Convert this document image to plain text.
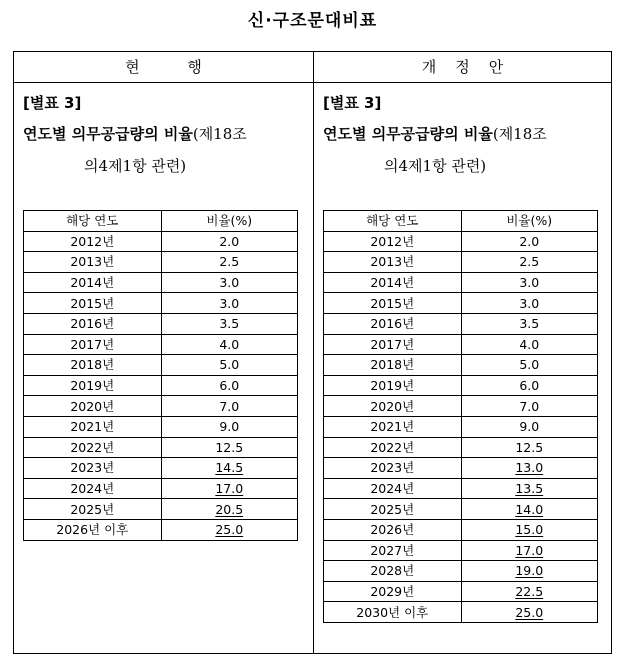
신·구조문대비표
현          행
[별표 3]
연도별 의무공급량의 비율(제18조
의4제1항 관련)
해당 연도	비율(%)
2012년	2.0
2013년	2.5
2014년	3.0
2015년	3.0
2016년	3.5
2017년	4.0
2018년	5.0
2019년	6.0
2020년	7.0
2021년	9.0
2022년	12.5
2023년	14.5
2024년	17.0
2025년	20.5
2026년 이후	25.0
개    정    안
[별표 3]
연도별 의무공급량의 비율(제18조
의4제1항 관련)
해당 연도	비율(%)
2012년	2.0
2013년	2.5
2014년	3.0
2015년	3.0
2016년	3.5
2017년	4.0
2018년	5.0
2019년	6.0
2020년	7.0
2021년	9.0
2022년	12.5
2023년	13.0
2024년	13.5
2025년	14.0
2026년	15.0
2027년	17.0
2028년	19.0
2029년	22.5
2030년 이후	25.0
